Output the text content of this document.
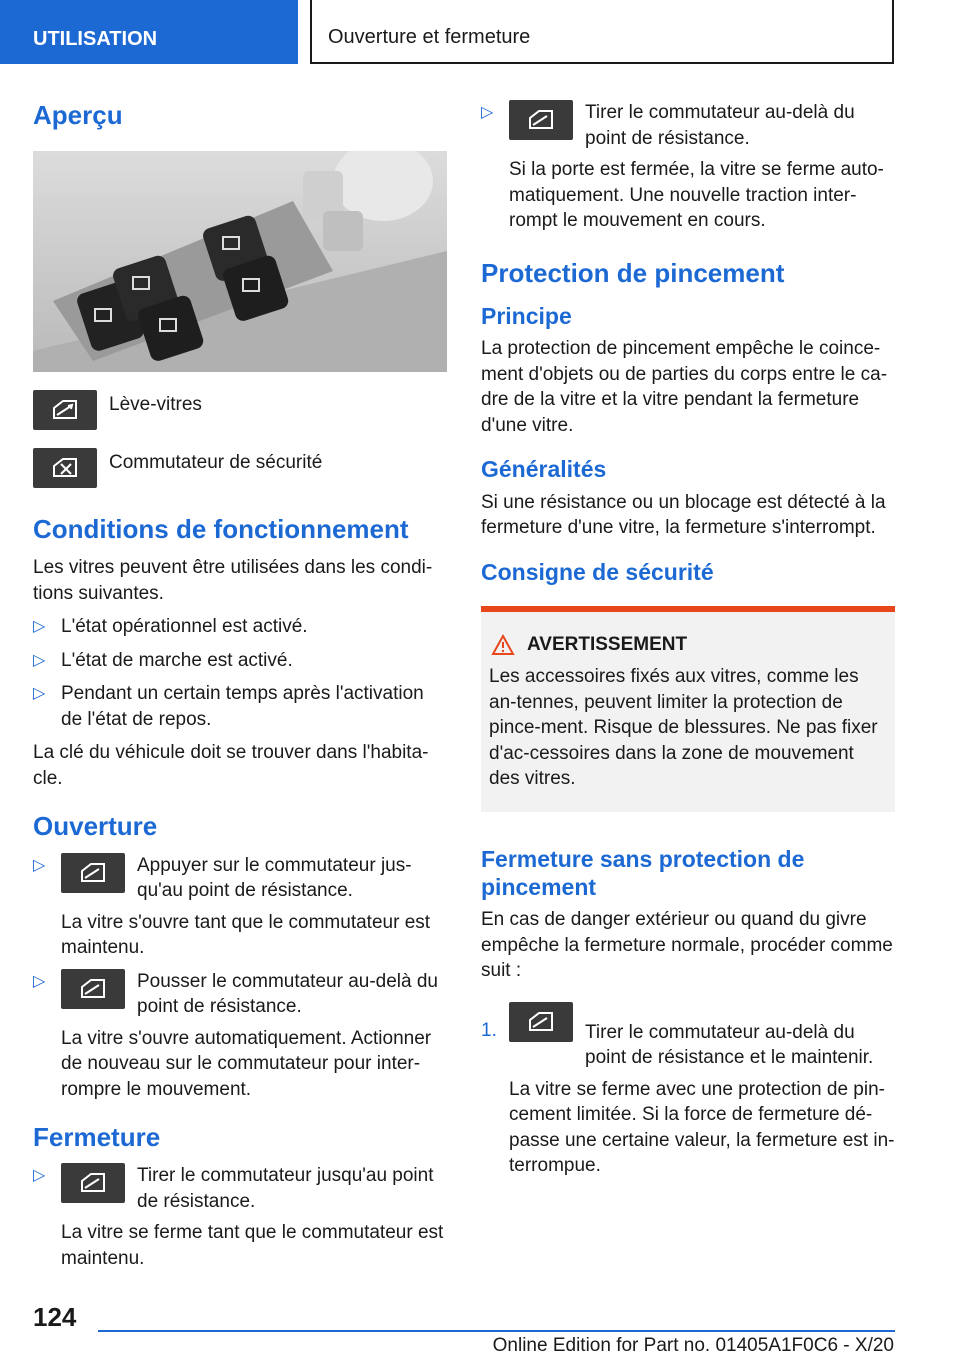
UTILISATION	Ouverture et fermeture
Aperçu
Lève-vitres
Commutateur de sécurité
Conditions de fonctionnement

Les vitres peuvent être utilisées dans les condi-tions suivantes.

▷ L'état opérationnel est activé.
▷ L'état de marche est activé.
▷ Pendant un certain temps après l'activation de l'état de repos.

La clé du véhicule doit se trouver dans l'habita-cle.

Ouverture
▷	Appuyer sur le commutateur jus-qu'au point de résistance.
La vitre s'ouvre tant que le commutateur est maintenu.
▷	Pousser le commutateur au-delà du point de résistance.
La vitre s'ouvre automatiquement. Actionner de nouveau sur le commutateur pour inter-rompre le mouvement.
Fermeture
▷	Tirer le commutateur jusqu'au point de résistance.
La vitre se ferme tant que le commutateur est maintenu.
▷	Tirer le commutateur au-delà du point de résistance.
Si la porte est fermée, la vitre se ferme auto-matiquement. Une nouvelle traction inter-rompt le mouvement en cours.
Protection de pincement
Principe

La protection de pincement empêche le coince-ment d'objets ou de parties du corps entre le ca-dre de la vitre et la vitre pendant la fermeture d'une vitre.

Généralités

Si une résistance ou un blocage est détecté à la fermeture d'une vitre, la fermeture s'interrompt.

Consigne de sécurité
AVERTISSEMENT

Les accessoires fixés aux vitres, comme les an-tennes, peuvent limiter la protection de pince-ment. Risque de blessures. Ne pas fixer d'ac-cessoires dans la zone de mouvement des vitres.

Fermeture sans protection de pincement

En cas de danger extérieur ou quand du givre empêche la fermeture normale, procéder comme suit :

1.	Tirer le commutateur au-delà du point de résistance et le maintenir.
La vitre se ferme avec une protection de pin-cement limitée. Si la force de fermeture dé-passe une certaine valeur, la fermeture est in-terrompue.
124
Online Edition for Part no. 01405A1F0C6 - X/20
